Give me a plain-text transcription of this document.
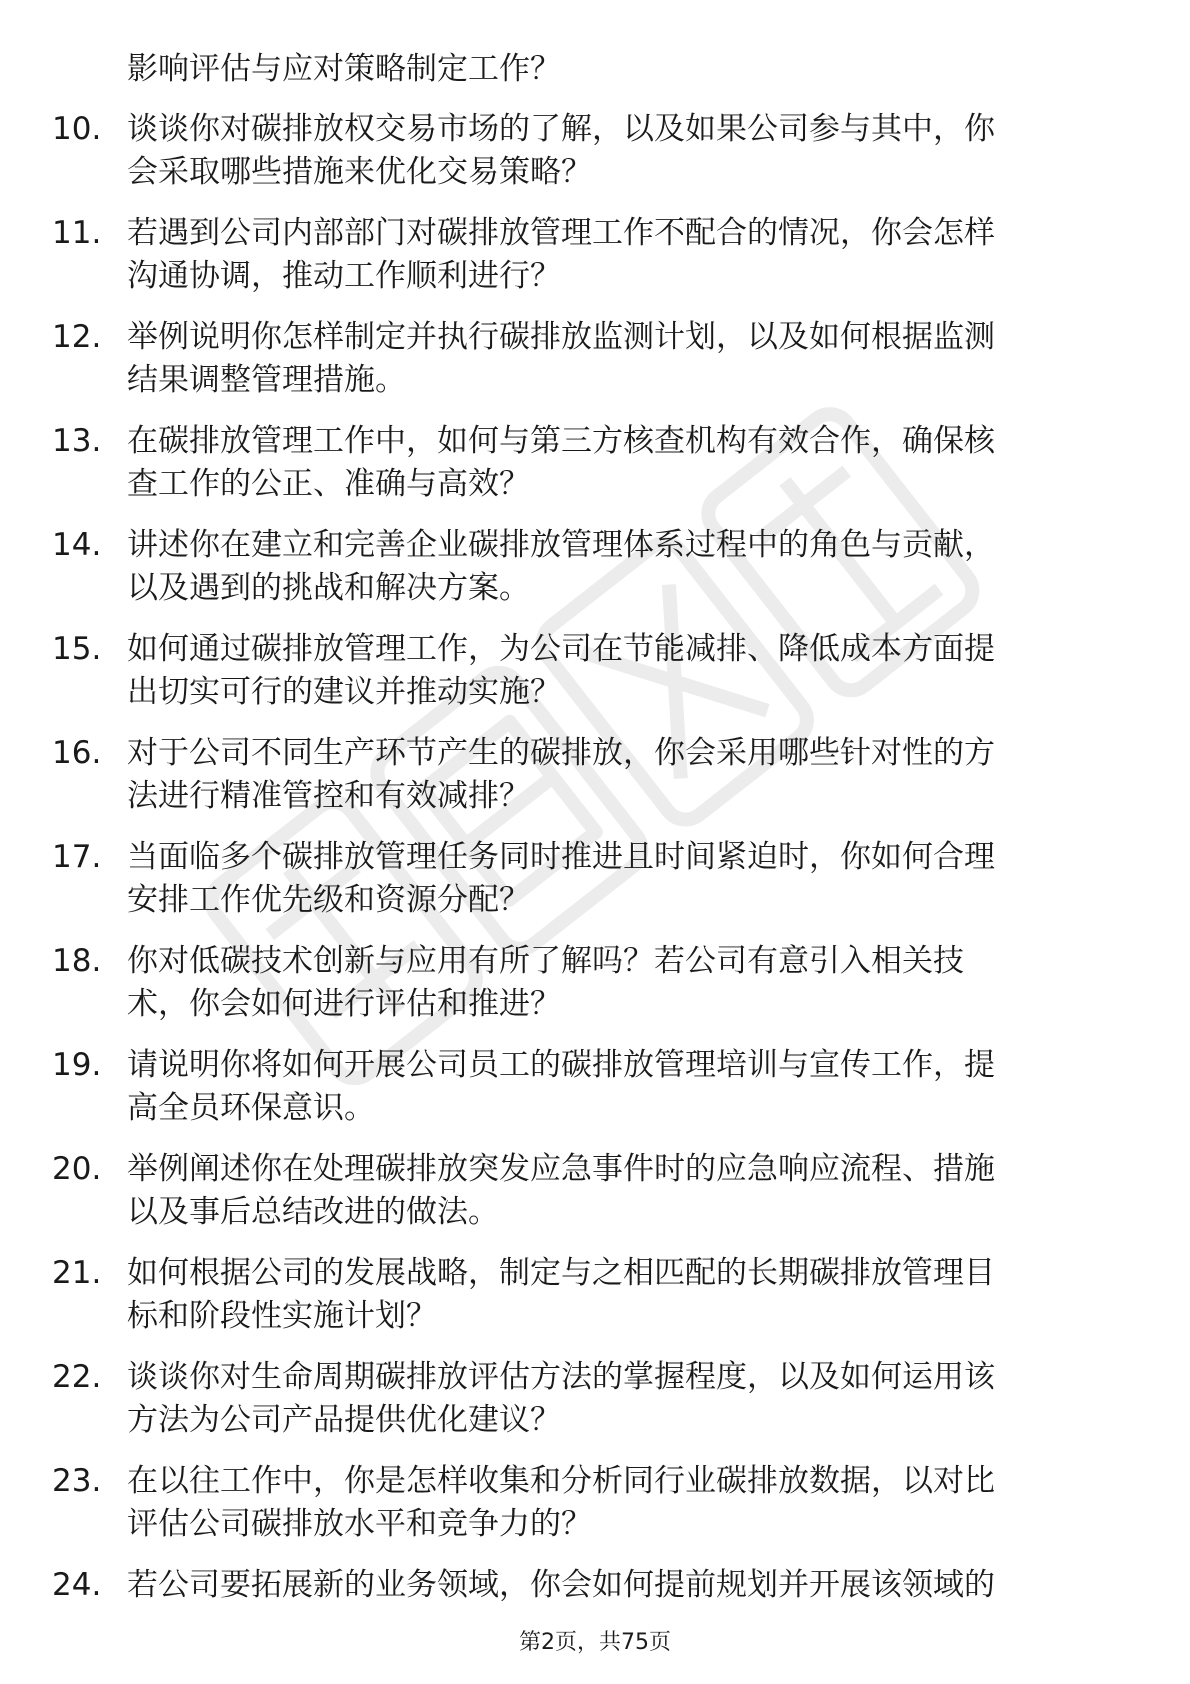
影响评估与应对策略制定工作？
10. 谈谈你对碳排放权交易市场的了解，以及如果公司参与其中，你
会采取哪些措施来优化交易策略？
11. 若遇到公司内部部门对碳排放管理工作不配合的情况，你会怎样
沟通协调，推动工作顺利进行？
12. 举例说明你怎样制定并执行碳排放监测计划，以及如何根据监测
结果调整管理措施。
13. 在碳排放管理工作中，如何与第三方核查机构有效合作，确保核
查工作的公正、准确与高效？
14. 讲述你在建立和完善企业碳排放管理体系过程中的角色与贡献，
以及遇到的挑战和解决方案。
15. 如何通过碳排放管理工作，为公司在节能减排、降低成本方面提
出切实可行的建议并推动实施？
16. 对于公司不同生产环节产生的碳排放，你会采用哪些针对性的方
法进行精准管控和有效减排？
17. 当面临多个碳排放管理任务同时推进且时间紧迫时，你如何合理
安排工作优先级和资源分配？
18. 你对低碳技术创新与应用有所了解吗？若公司有意引入相关技
术，你会如何进行评估和推进？
19. 请说明你将如何开展公司员工的碳排放管理培训与宣传工作，提
高全员环保意识。
20. 举例阐述你在处理碳排放突发应急事件时的应急响应流程、措施
以及事后总结改进的做法。
21. 如何根据公司的发展战略，制定与之相匹配的长期碳排放管理目
标和阶段性实施计划？
22. 谈谈你对生命周期碳排放评估方法的掌握程度，以及如何运用该
方法为公司产品提供优化建议？
23. 在以往工作中，你是怎样收集和分析同行业碳排放数据，以对比
评估公司碳排放水平和竞争力的？
24. 若公司要拓展新的业务领域，你会如何提前规划并开展该领域的
第2页，共75页
